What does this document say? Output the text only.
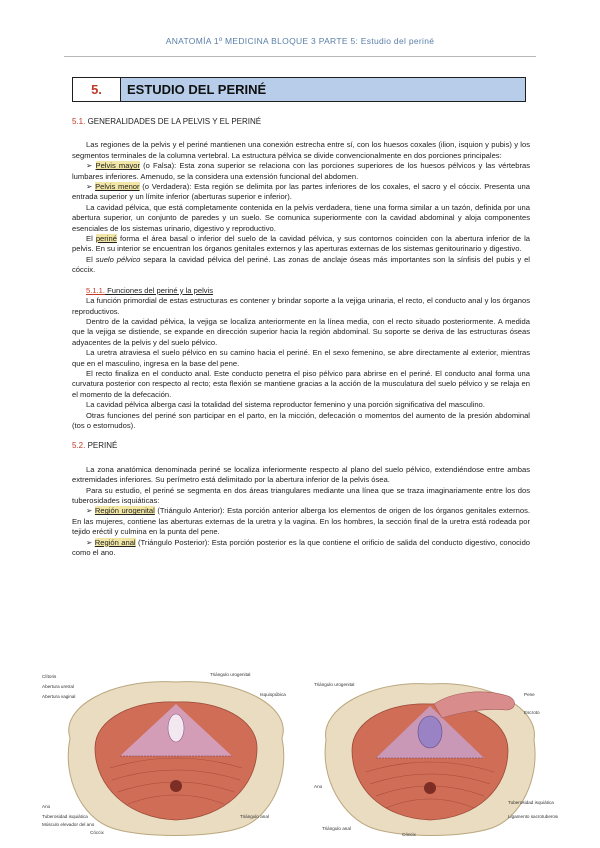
ANATOMÍA 1º MEDICINA BLOQUE 3 PARTE 5: Estudio del periné
5.	ESTUDIO DEL PERINÉ
5.1. GENERALIDADES DE LA PELVIS Y EL PERINÉ

Las regiones de la pelvis y el periné mantienen una conexión estrecha entre sí, con los huesos coxales (ilion, isquion y pubis) y los segmentos terminales de la columna vertebral. La estructura pélvica se divide convencionalmente en dos porciones principales:

➢ Pelvis mayor (o Falsa): Esta zona superior se relaciona con las porciones superiores de los huesos pélvicos y las vértebras lumbares inferiores. Amenudo, se la considera una extensión funcional del abdomen.

➢ Pelvis menor (o Verdadera): Esta región se delimita por las partes inferiores de los coxales, el sacro y el cóccix. Presenta una entrada superior y un límite inferior (aberturas superior e inferior).

La cavidad pélvica, que está completamente contenida en la pelvis verdadera, tiene una forma similar a un tazón, definida por una abertura superior, un conjunto de paredes y un suelo. Se comunica superiormente con la cavidad abdominal y aloja componentes esenciales de los sistemas urinario, digestivo y reproductivo.

El periné forma el área basal o inferior del suelo de la cavidad pélvica, y sus contornos coinciden con la abertura inferior de la pelvis. En su interior se encuentran los órganos genitales externos y las aperturas externas de los sistemas genitourinario y digestivo.

El suelo pélvico separa la cavidad pélvica del periné. Las zonas de anclaje óseas más importantes son la sínfisis del pubis y el cóccix.

5.1.1. Funciones del periné y la pelvis

La función primordial de estas estructuras es contener y brindar soporte a la vejiga urinaria, el recto, el conducto anal y los órganos reproductivos.

Dentro de la cavidad pélvica, la vejiga se localiza anteriormente en la línea media, con el recto situado posteriormente. A medida que la vejiga se distiende, se expande en dirección superior hacia la región abdominal. Su soporte se deriva de las estructuras óseas adyacentes de la pelvis y del suelo pélvico.

La uretra atraviesa el suelo pélvico en su camino hacia el periné. En el sexo femenino, se abre directamente al exterior, mientras que en el masculino, ingresa en la base del pene.

El recto finaliza en el conducto anal. Este conducto penetra el piso pélvico para abrirse en el periné. El conducto anal forma una curvatura posterior con respecto al recto; esta flexión se mantiene gracias a la acción de la musculatura del suelo pélvico y se relaja en el momento de la defecación.

La cavidad pélvica alberga casi la totalidad del sistema reproductor femenino y una porción significativa del masculino.

Otras funciones del periné son participar en el parto, en la micción, defecación o momentos del aumento de la presión abdominal (tos o estornudos).

5.2. PERINÉ

La zona anatómica denominada periné se localiza inferiormente respecto al plano del suelo pélvico, extendiéndose entre ambas extremidades inferiores. Su perímetro está delimitado por la abertura inferior de la pelvis ósea.

Para su estudio, el periné se segmenta en dos áreas triangulares mediante una línea que se traza imaginariamente entre los dos tuberosidades isquiáticas:

➢ Región urogenital (Triángulo Anterior): Esta porción anterior alberga los elementos de origen de los órganos genitales externos. En las mujeres, contiene las aberturas externas de la uretra y la vagina. En los hombres, la sección final de la uretra está rodeada por tejido eréctil y culmina en la punta del pene.

➢ Región anal (Triángulo Posterior): Esta porción posterior es la que contiene el orificio de salida del conducto digestivo, conocido como el ano.

Clítoris
Abertura uretral
Triángulo urogenital
Abertura vaginal	Isquiopúbica
Ano
Triángulo anal
Cóccix
Tuberosidad isquiática
Músculo elevador del ano
Triángulo urogenital
Pene
Escroto
Ano
Triángulo anal
Cóccix
Tuberosidad isquiática
Ligamento sacrotuberoso
